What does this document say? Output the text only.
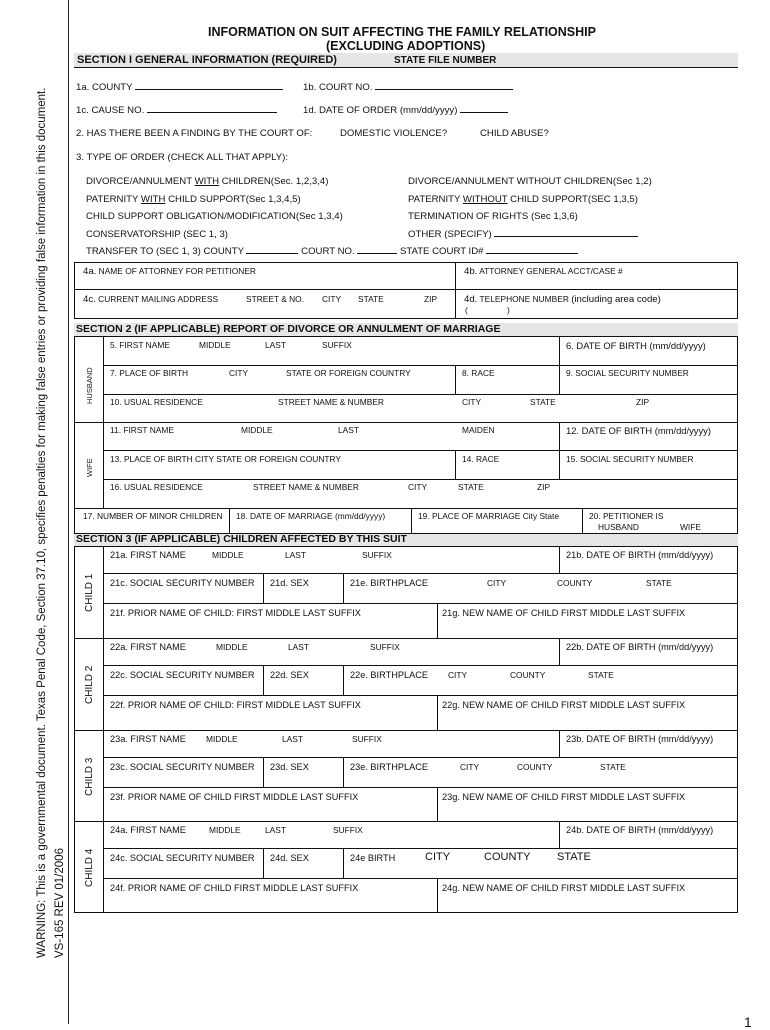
WARNING: This is a governmental document. Texas Penal Code, Section 37.10, specifies penalties for making false entries or providing false information in this document. VS-165 REV 01/2006
INFORMATION ON SUIT AFFECTING THE FAMILY RELATIONSHIP
(EXCLUDING ADOPTIONS)
SECTION I GENERAL INFORMATION (REQUIRED)	STATE FILE NUMBER
1a. COUNTY	1b. COURT NO.
1c. CAUSE NO.	1d. DATE OF ORDER (mm/dd/yyyy)
2. HAS THERE BEEN A FINDING BY THE COURT OF:	DOMESTIC VIOLENCE?	CHILD ABUSE?
3. TYPE OF ORDER (CHECK ALL THAT APPLY):
DIVORCE/ANNULMENT WITH CHILDREN(Sec. 1,2,3,4)	DIVORCE/ANNULMENT WITHOUT CHILDREN(Sec 1,2)
PATERNITY WITH CHILD SUPPORT(Sec 1,3,4,5)	PATERNITY WITHOUT CHILD SUPPORT(SEC 1,3,5)
CHILD SUPPORT OBLIGATION/MODIFICATION(Sec 1,3,4)	TERMINATION OF RIGHTS (Sec 1,3,6)
CONSERVATORSHIP (SEC 1, 3)	OTHER (SPECIFY)
TRANSFER TO (SEC 1, 3) COUNTY	COURT NO.	STATE COURT ID#
4a. NAME OF ATTORNEY FOR PETITIONER	4b. ATTORNEY GENERAL ACCT/CASE #
4c. CURRENT MAILING ADDRESS	STREET & NO. CITY STATE	ZIP	4d. TELEPHONE NUMBER (including area code)
(	)
SECTION 2 (IF APPLICABLE) REPORT OF DIVORCE OR ANNULMENT OF MARRIAGE
HUSBAND
WIFE
5. FIRST NAME	MIDDLE	LAST	SUFFIX	6. DATE OF BIRTH (mm/dd/yyyy)
7. PLACE OF BIRTH	CITY	STATE OR FOREIGN COUNTRY	8. RACE	9. SOCIAL SECURITY NUMBER
10. USUAL RESIDENCE	STREET NAME & NUMBER	CITY	STATE	ZIP
11. FIRST NAME	MIDDLE	LAST	MAIDEN	12. DATE OF BIRTH (mm/dd/yyyy)
13. PLACE OF BIRTH CITY STATE OR FOREIGN COUNTRY	14. RACE	15. SOCIAL SECURITY NUMBER
16. USUAL RESIDENCE	STREET NAME & NUMBER	CITY	STATE	ZIP
17. NUMBER OF MINOR CHILDREN 18. DATE OF MARRIAGE (mm/dd/yyyy)	19. PLACE OF MARRIAGE City State	20. PETITIONER IS
HUSBAND	WIFE
SECTION 3 (IF APPLICABLE) CHILDREN AFFECTED BY THIS SUIT
CHILD 1
21a. FIRST NAME	MIDDLE	LAST	SUFFIX	21b. DATE OF BIRTH (mm/dd/yyyy)
21c. SOCIAL SECURITY NUMBER 21d. SEX	21e. BIRTHPLACE	CITY	COUNTY	STATE
21f. PRIOR NAME OF CHILD: FIRST MIDDLE LAST SUFFIX	21g. NEW NAME OF CHILD FIRST MIDDLE LAST SUFFIX
CHILD 2
22a. FIRST NAME	MIDDLE	LAST	SUFFIX	22b. DATE OF BIRTH (mm/dd/yyyy)
22c. SOCIAL SECURITY NUMBER 22d. SEX	22e. BIRTHPLACE CITY	COUNTY	STATE
22f. PRIOR NAME OF CHILD: FIRST MIDDLE LAST SUFFIX	22g. NEW NAME OF CHILD FIRST MIDDLE LAST SUFFIX
CHILD 3
23a. FIRST NAME MIDDLE	LAST	SUFFIX	23b. DATE OF BIRTH (mm/dd/yyyy)
23c. SOCIAL SECURITY NUMBER 23d. SEX	23e. BIRTHPLACE	CITY	COUNTY	STATE
23f. PRIOR NAME OF CHILD FIRST MIDDLE LAST SUFFIX	23g. NEW NAME OF CHILD FIRST MIDDLE LAST SUFFIX
CHILD 4
24a. FIRST NAME	MIDDLE	LAST	SUFFIX	24b. DATE OF BIRTH (mm/dd/yyyy)
24c. SOCIAL SECURITY NUMBER 24d. SEX	24e BIRTH	CITY	COUNTY STATE
24f. PRIOR NAME OF CHILD FIRST MIDDLE LAST SUFFIX	24g. NEW NAME OF CHILD FIRST MIDDLE LAST SUFFIX
1
